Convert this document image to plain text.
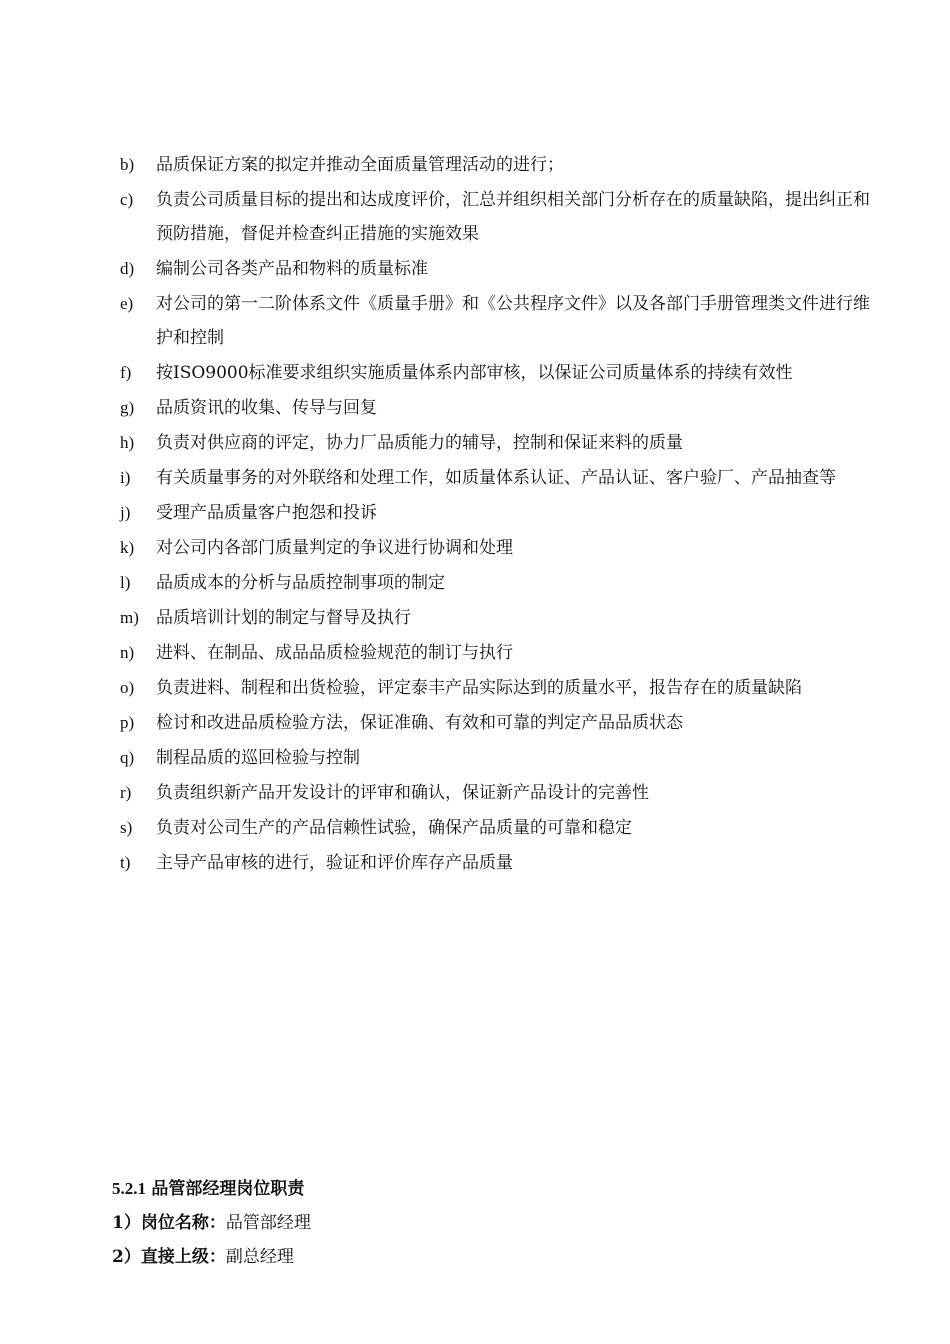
b)	品质保证方案的拟定并推动全面质量管理活动的进行；
c)	负责公司质量目标的提出和达成度评价，汇总并组织相关部门分析存在的质量缺陷，提出纠正和预防措施，督促并检查纠正措施的实施效果
d)	编制公司各类产品和物料的质量标准
e)	对公司的第一二阶体系文件《质量手册》和《公共程序文件》以及各部门手册管理类文件进行维护和控制
f)	按ISO9000标准要求组织实施质量体系内部审核，以保证公司质量体系的持续有效性
g)	品质资讯的收集、传导与回复
h)	负责对供应商的评定，协力厂品质能力的辅导，控制和保证来料的质量
i)	有关质量事务的对外联络和处理工作，如质量体系认证、产品认证、客户验厂、产品抽查等
j)	受理产品质量客户抱怨和投诉
k)	对公司内各部门质量判定的争议进行协调和处理
l)	品质成本的分析与品质控制事项的制定
m)	品质培训计划的制定与督导及执行
n)	进料、在制品、成品品质检验规范的制订与执行
o)	负责进料、制程和出货检验，评定泰丰产品实际达到的质量水平，报告存在的质量缺陷
p)	检讨和改进品质检验方法，保证准确、有效和可靠的判定产品品质状态
q)	制程品质的巡回检验与控制
r)	负责组织新产品开发设计的评审和确认，保证新产品设计的完善性
s)	负责对公司生产的产品信赖性试验，确保产品质量的可靠和稳定
t)	主导产品审核的进行，验证和评价库存产品质量
5.2.1 品管部经理岗位职责
1）岗位名称：品管部经理
2）直接上级：副总经理
